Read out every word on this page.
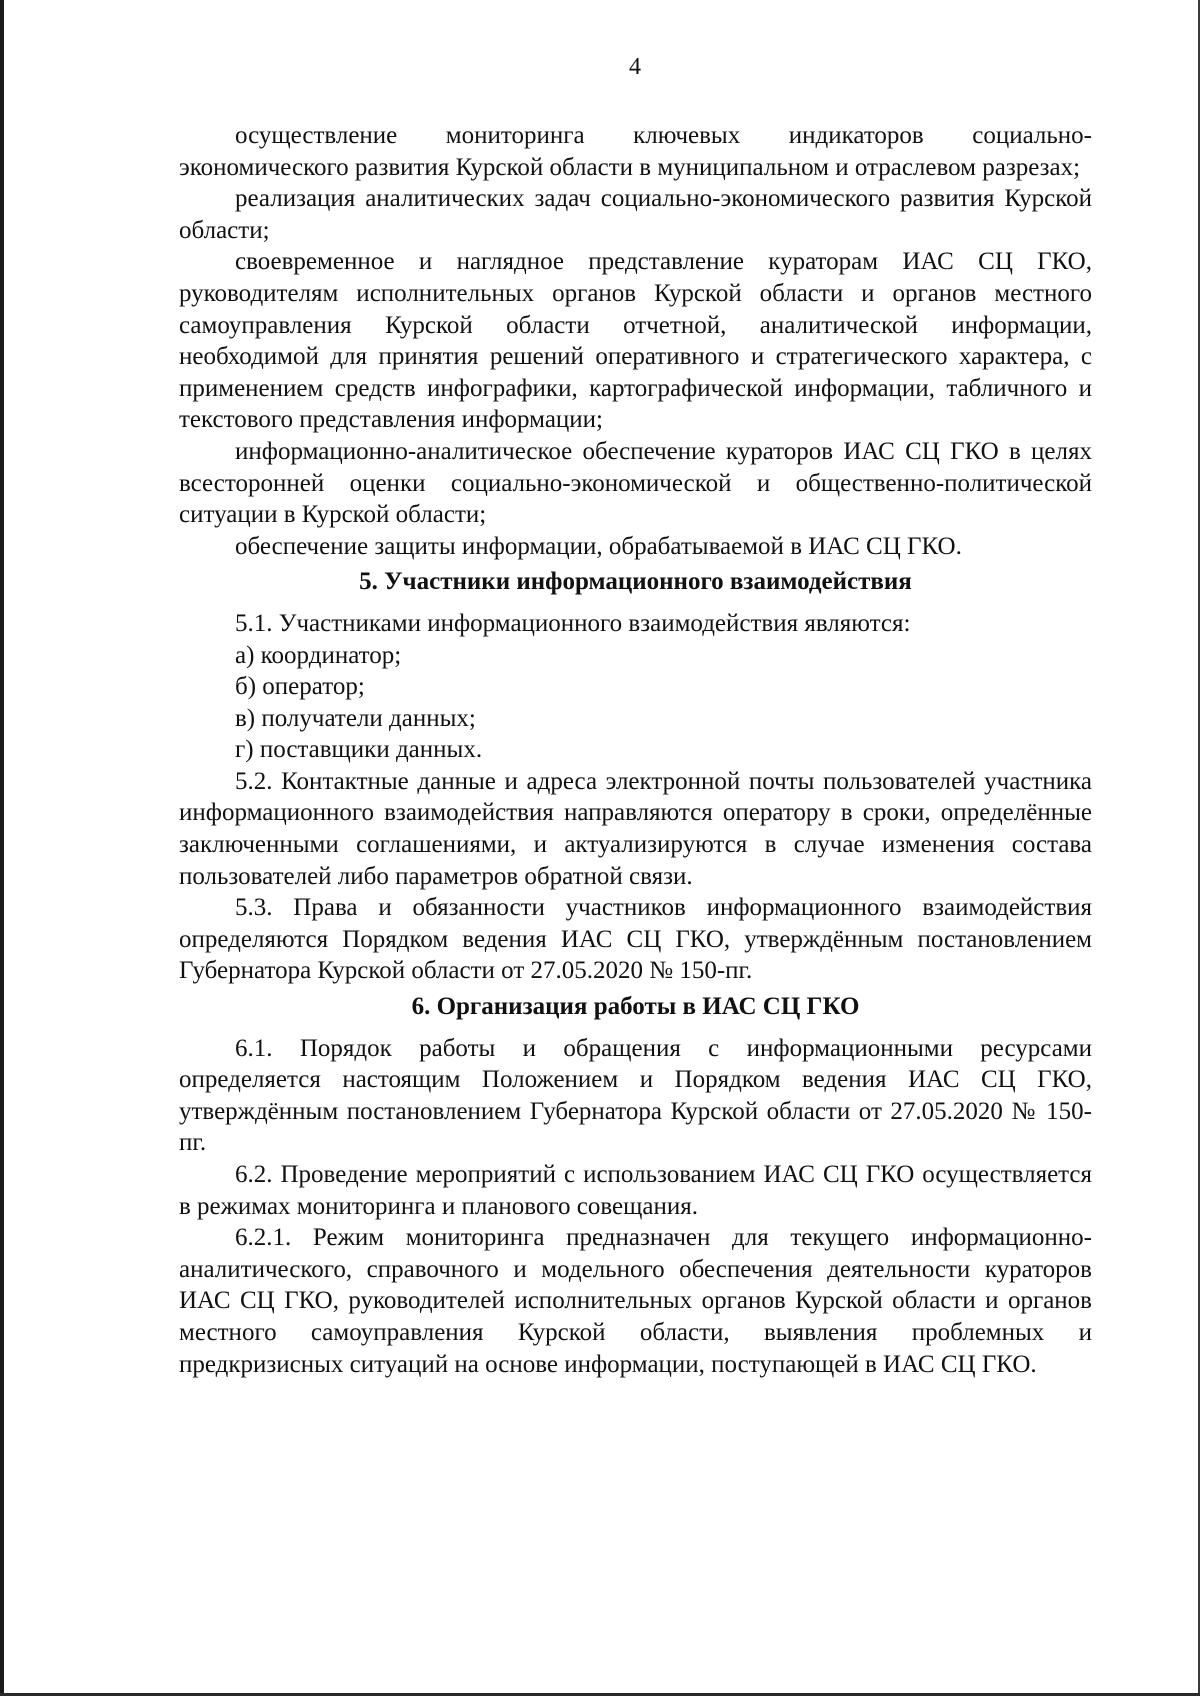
4

осуществление мониторинга ключевых индикаторов социально-экономического развития Курской области в муниципальном и отраслевом разрезах;

реализация аналитических задач социально-экономического развития Курской области;

своевременное и наглядное представление кураторам ИАС СЦ ГКО, руководителям исполнительных органов Курской области и органов местного самоуправления Курской области отчетной, аналитической информации, необходимой для принятия решений оперативного и стратегического характера, с применением средств инфографики, картографической информации, табличного и текстового представления информации;

информационно-аналитическое обеспечение кураторов ИАС СЦ ГКО в целях всесторонней оценки социально-экономической и общественно-политической ситуации в Курской области;

обеспечение защиты информации, обрабатываемой в ИАС СЦ ГКО.

5. Участники информационного взаимодействия

5.1. Участниками информационного взаимодействия являются:

а) координатор;

б) оператор;

в) получатели данных;

г) поставщики данных.

5.2. Контактные данные и адреса электронной почты пользователей участника информационного взаимодействия направляются оператору в сроки, определённые заключенными соглашениями, и актуализируются в случае изменения состава пользователей либо параметров обратной связи.

5.3. Права и обязанности участников информационного взаимодействия определяются Порядком ведения ИАС СЦ ГКО, утверждённым постановлением Губернатора Курской области от 27.05.2020 № 150-пг.

6. Организация работы в ИАС СЦ ГКО

6.1. Порядок работы и обращения с информационными ресурсами определяется настоящим Положением и Порядком ведения ИАС СЦ ГКО, утверждённым постановлением Губернатора Курской области от 27.05.2020 № 150-пг.

6.2. Проведение мероприятий с использованием ИАС СЦ ГКО осуществляется в режимах мониторинга и планового совещания.

6.2.1. Режим мониторинга предназначен для текущего информационно-аналитического, справочного и модельного обеспечения деятельности кураторов ИАС СЦ ГКО, руководителей исполнительных органов Курской области и органов местного самоуправления Курской области, выявления проблемных и предкризисных ситуаций на основе информации, поступающей в ИАС СЦ ГКО.
